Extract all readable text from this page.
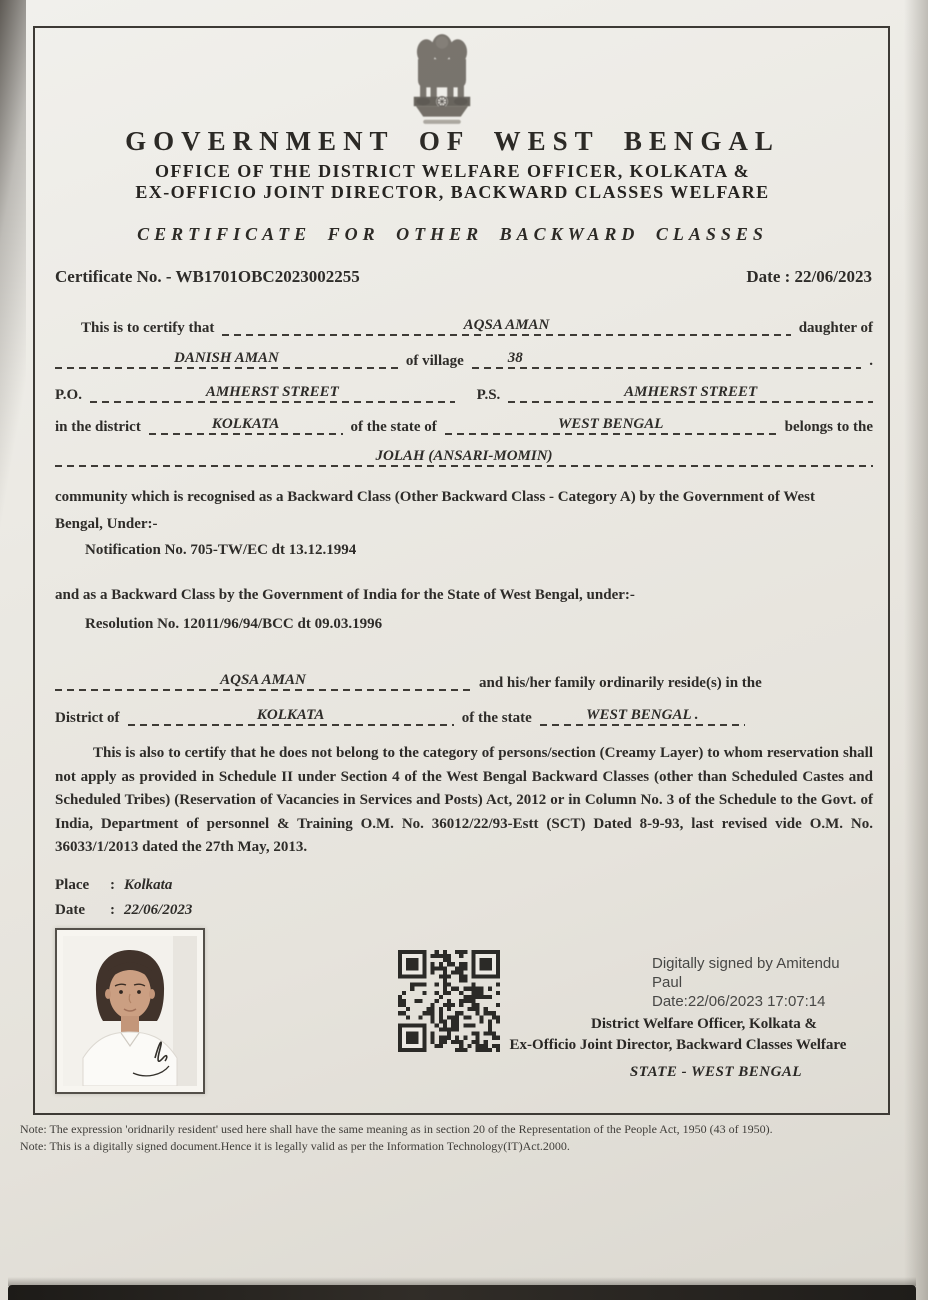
GOVERNMENT OF WEST BENGAL
OFFICE OF THE DISTRICT WELFARE OFFICER, KOLKATA &
EX-OFFICIO JOINT DIRECTOR, BACKWARD CLASSES WELFARE
CERTIFICATE FOR OTHER BACKWARD CLASSES
Certificate No. - WB1701OBC2023002255	Date : 22/06/2023
This is to certify that	AQSA AMAN	daughter of
DANISH AMAN	of village	38	.
P.O.	AMHERST STREET	P.S.	AMHERST STREET
in the district	KOLKATA	of the state of	WEST BENGAL	belongs to the
JOLAH (ANSARI-MOMIN)
community which is recognised as a Backward Class (Other Backward Class - Category A) by the Government of West
Bengal, Under:-
Notification No. 705-TW/EC dt 13.12.1994
and as a Backward Class by the Government of India for the State of West Bengal, under:-
Resolution No. 12011/96/94/BCC dt 09.03.1996
AQSA AMAN	and his/her family ordinarily reside(s) in the
District of	KOLKATA	of the state	WEST BENGAL .
This is also to certify that he does not belong to the category of persons/section (Creamy Layer) to whom reservation shall not apply as provided in Schedule II under Section 4 of the West Bengal Backward Classes (other than Scheduled Castes and Scheduled Tribes) (Reservation of Vacancies in Services and Posts) Act, 2012 or in Column No. 3 of the Schedule to the Govt. of India, Department of personnel & Training O.M. No. 36012/22/93-Estt (SCT) Dated 8-9-93, last revised vide O.M. No. 36033/1/2013 dated the 27th May, 2013.
Place	: Kolkata
Date	: 22/06/2023
Digitally signed by Amitendu
Paul
Date:22/06/2023 17:07:14
District Welfare Officer, Kolkata &
Ex-Officio Joint Director, Backward Classes Welfare
STATE - WEST BENGAL
Note: The expression 'oridnarily resident' used here shall have the same meaning as in section 20 of the Representation of the People Act, 1950 (43 of 1950).
Note: This is a digitally signed document.Hence it is legally valid as per the Information Technology(IT)Act.2000.
